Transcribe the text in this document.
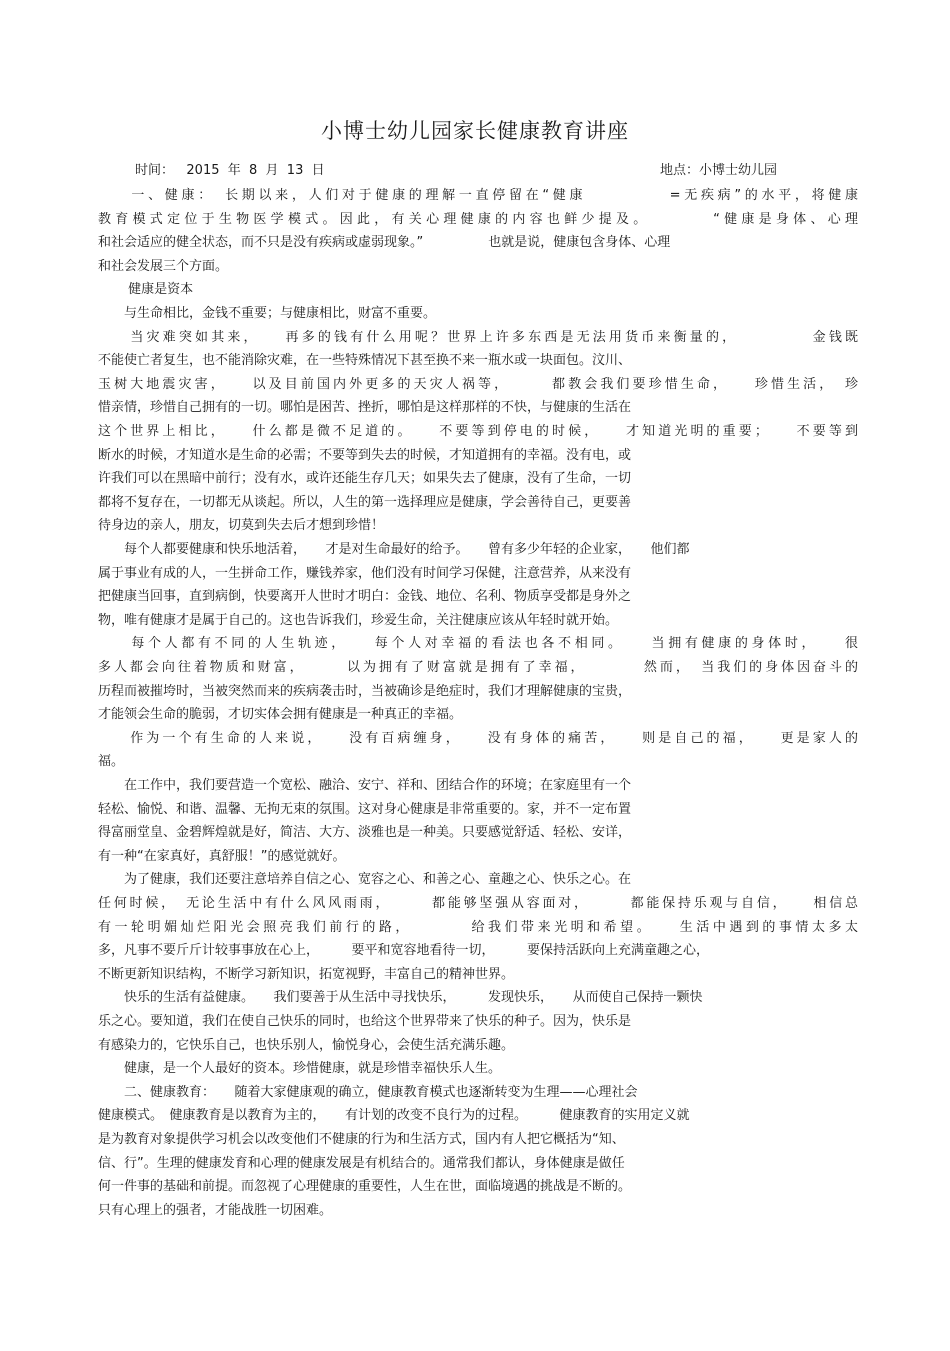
小博士幼儿园家长健康教育讲座
时间：   2015  年  8  月  13  日	地点：小博士幼儿园
　　一、健康：　长期以来，人们对于健康的理解一直停留在“健康　　　　　=无疾病”的水平，将健康
教育模式定位于生物医学模式。因此，有关心理健康的内容也鲜少提及。　　　　“健康是身体、心理
和社会适应的健全状态，而不只是没有疾病或虚弱现象。”　　　　　也就是说，健康包含身体、心理
和社会发展三个方面。
　　 健康是资本
　　与生命相比，金钱不重要；与健康相比，财富不重要。
　　当灾难突如其来，　　再多的钱有什么用呢？世界上许多东西是无法用货币来衡量的，　　　　　金钱既
不能使亡者复生，也不能消除灾难，在一些特殊情况下甚至换不来一瓶水或一块面包。汶川、
玉树大地震灾害，　　以及目前国内外更多的天灾人祸等，　　　都教会我们要珍惜生命，　　珍惜生活，　珍
惜亲情，珍惜自己拥有的一切。哪怕是困苦、挫折，哪怕是这样那样的不快，与健康的生活在
这个世界上相比，　　什么都是微不足道的。　　不要等到停电的时候，　　才知道光明的重要；　　不要等到
断水的时候，才知道水是生命的必需；不要等到失去的时候，才知道拥有的幸福。没有电，或
许我们可以在黑暗中前行；没有水，或许还能生存几天；如果失去了健康，没有了生命，一切
都将不复存在，一切都无从谈起。所以，人生的第一选择理应是健康，学会善待自己，更要善
待身边的亲人，朋友，切莫到失去后才想到珍惜！
　　每个人都要健康和快乐地活着，　　才是对生命最好的给予。　　曾有多少年轻的企业家，　　他们都
属于事业有成的人，一生拼命工作，赚钱养家，他们没有时间学习保健，注意营养，从来没有
把健康当回事，直到病倒，快要离开人世时才明白：金钱、地位、名利、物质享受都是身外之
物，唯有健康才是属于自己的。这也告诉我们，珍爱生命，关注健康应该从年轻时就开始。
　　每个人都有不同的人生轨迹，　　每个人对幸福的看法也各不相同。　　当拥有健康的身体时，　　很
多人都会向往着物质和财富，　　　以为拥有了财富就是拥有了幸福，　　　　然而，　当我们的身体因奋斗的
历程而被摧垮时，当被突然而来的疾病袭击时，当被确诊是绝症时，我们才理解健康的宝贵，
才能领会生命的脆弱，才切实体会拥有健康是一种真正的幸福。
　　作为一个有生命的人来说，　　没有百病缠身，　　没有身体的痛苦，　　则是自己的福，　　更是家人的
福。
　　在工作中，我们要营造一个宽松、融洽、安宁、祥和、团结合作的环境；在家庭里有一个
轻松、愉悦、和谐、温馨、无拘无束的氛围。这对身心健康是非常重要的。家，并不一定布置
得富丽堂皇、金碧辉煌就是好，简洁、大方、淡雅也是一种美。只要感觉舒适、轻松、安详，
有一种“在家真好，真舒服！”的感觉就好。
　　为了健康，我们还要注意培养自信之心、宽容之心、和善之心、童趣之心、快乐之心。在
任何时候，　无论生活中有什么风风雨雨，　　　都能够坚强从容面对，　　　都能保持乐观与自信，　　相信总
有一轮明媚灿烂阳光会照亮我们前行的路，　　　　给我们带来光明和希望。　　生活中遇到的事情太多太
多，凡事不要斤斤计较事事放在心上，　　　要平和宽容地看待一切，　　　要保持活跃向上充满童趣之心，
不断更新知识结构，不断学习新知识，拓宽视野，丰富自己的精神世界。
　　快乐的生活有益健康。　　我们要善于从生活中寻找快乐，　　　发现快乐，　　从而使自己保持一颗快
乐之心。要知道，我们在使自己快乐的同时，也给这个世界带来了快乐的种子。因为，快乐是
有感染力的，它快乐自己，也快乐别人，愉悦身心，会使生活充满乐趣。
　　健康，是一个人最好的资本。珍惜健康，就是珍惜幸福快乐人生。
　　二、健康教育：　　随着大家健康观的确立，健康教育模式也逐渐转变为生理——心理社会
健康模式。　健康教育是以教育为主的，　　有计划的改变不良行为的过程。　　　健康教育的实用定义就
是为教育对象提供学习机会以改变他们不健康的行为和生活方式，国内有人把它概括为“知、
信、行”。生理的健康发育和心理的健康发展是有机结合的。通常我们都认，身体健康是做任
何一件事的基础和前提。而忽视了心理健康的重要性，人生在世，面临境遇的挑战是不断的。
只有心理上的强者，才能战胜一切困难。
